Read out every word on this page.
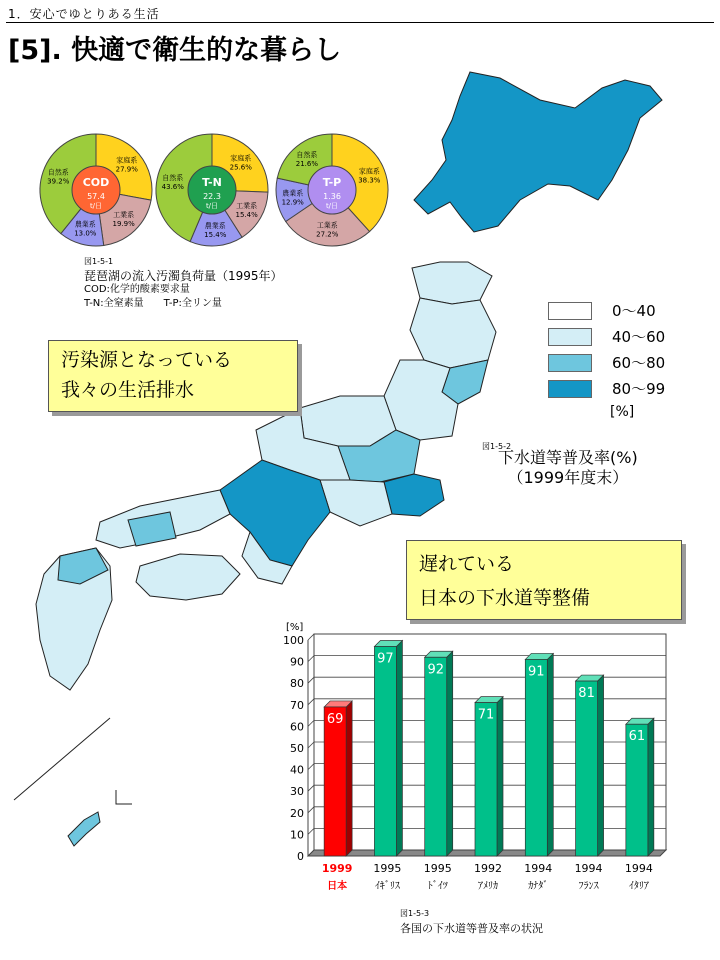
1．安心でゆとりある生活
[5]. 快適で衛生的な暮らし
家庭系
27.9%
工業系
19.9%
農業系
13.0%
自然系
39.2% COD
57.4
t/日
家庭系
25.6%
工業系
15.4%
農業系
15.4%
自然系
43.6% T-N
22.3
t/日
家庭系
38.3%
工業系
27.2%
農業系
12.9%
自然系
21.6%
T-P
1.36
t/日
0～40
40～60
60～80
80～99
[%]
図1-5-1
琵琶湖の流入汚濁負荷量（1995年）
COD:化学的酸素要求量
T-N:全窒素量　　T-P:全リン量
図1-5-2
下水道等普及率(%)
（1999年度末）
図1-5-3
各国の下水道等普及率の状況
汚染源となっている
我々の生活排水
遅れている
日本の下水道等整備
0
10
20
30
40
50
60
70
80
90
100
[%]
69
1999
日本
97
1995
ｲｷﾞﾘｽ
92
1995
ﾄﾞｲﾂ
71
1992
ｱﾒﾘｶ
91
1994
ｶﾅﾀﾞ
81
1994
ﾌﾗﾝｽ
61
1994
ｲﾀﾘｱ
